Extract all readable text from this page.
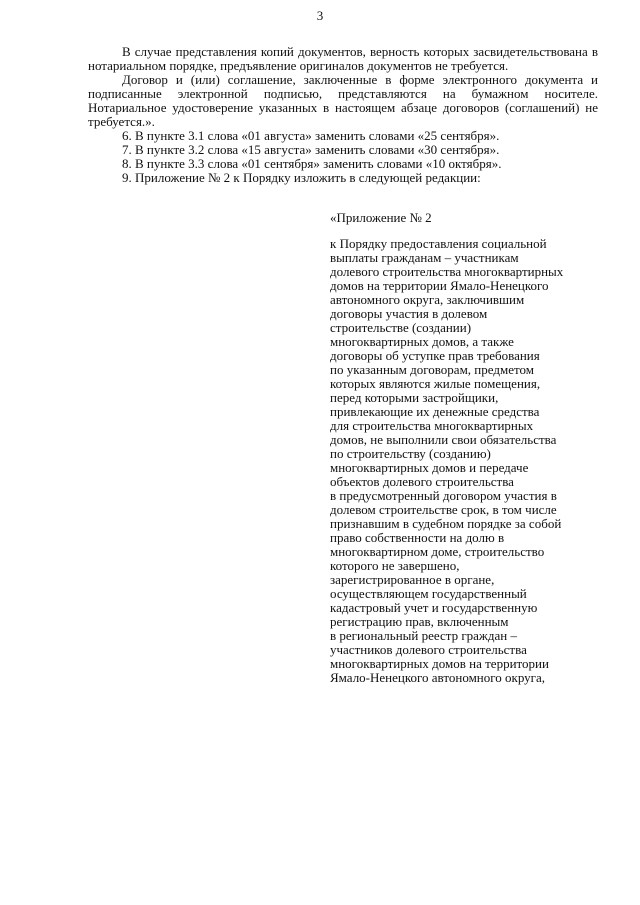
3

В случае представления копий документов, верность которых засвидетельствована в нотариальном порядке, предъявление оригиналов документов не требуется.

Договор и (или) соглашение, заключенные в форме электронного документа и подписанные электронной подписью, представляются на бумажном носителе. Нотариальное удостоверение указанных в настоящем абзаце договоров (соглашений) не требуется.».

6. В пункте 3.1 слова «01 августа» заменить словами «25 сентября».

7. В пункте 3.2 слова «15 августа» заменить словами «30 сентября».

8. В пункте 3.3 слова «01 сентября» заменить словами «10 октября».

9. Приложение № 2 к Порядку изложить в следующей редакции:

«Приложение № 2
к Порядку предоставления социальной
выплаты гражданам – участникам
долевого строительства многоквартирных
домов на территории Ямало-Ненецкого
автономного округа, заключившим
договоры участия в долевом
строительстве (создании)
многоквартирных домов, а также
договоры об уступке прав требования
по указанным договорам, предметом
которых являются жилые помещения,
перед которыми застройщики,
привлекающие их денежные средства
для строительства многоквартирных
домов, не выполнили свои обязательства
по строительству (созданию)
многоквартирных домов и передаче
объектов долевого строительства
в предусмотренный договором участия в
долевом строительстве срок, в том числе
признавшим в судебном порядке за собой
право собственности на долю в
многоквартирном доме, строительство
которого не завершено,
зарегистрированное в органе,
осуществляющем государственный
кадастровый учет и государственную
регистрацию прав, включенным
в региональный реестр граждан –
участников долевого строительства
многоквартирных домов на территории
Ямало-Ненецкого автономного округа,
